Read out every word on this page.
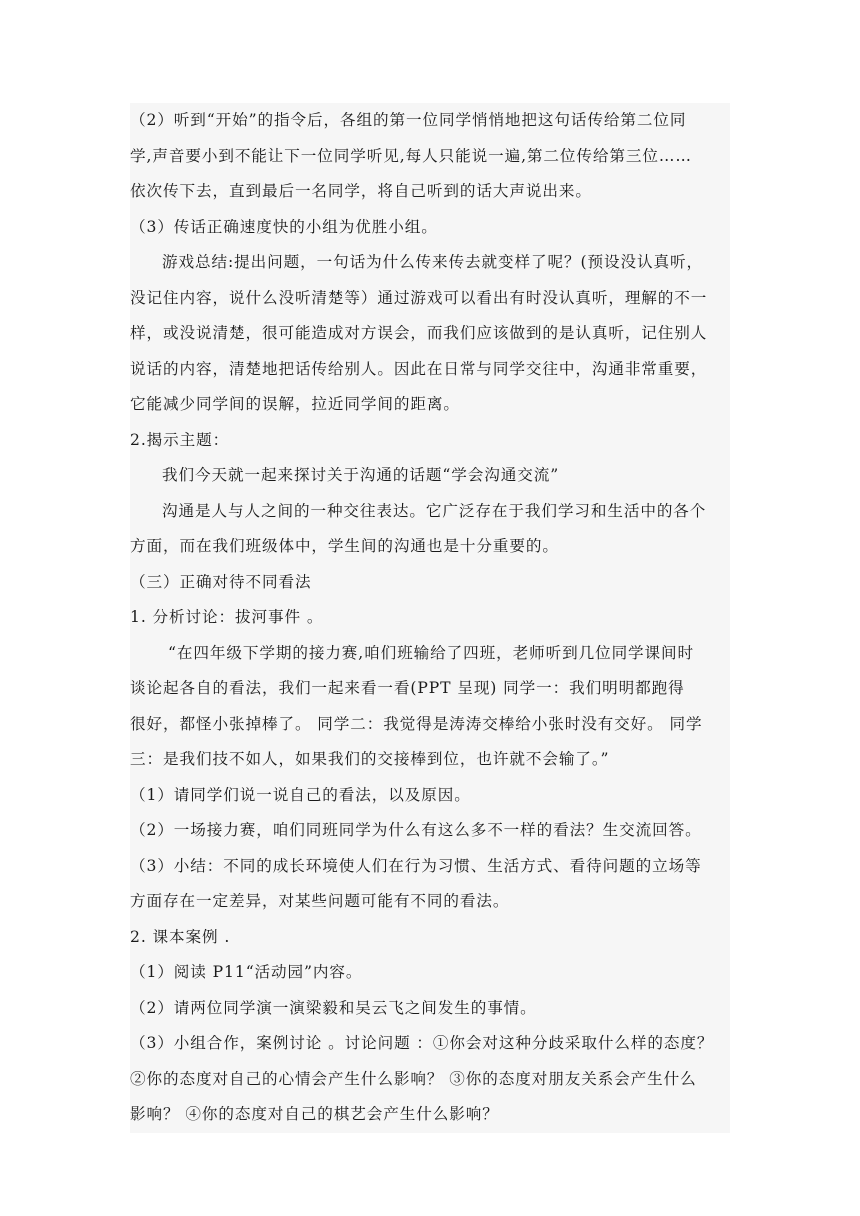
（2）听到“开始”的指令后，各组的第一位同学悄悄地把这句话传给第二位同
学,声音要小到不能让下一位同学听见,每人只能说一遍,第二位传给第三位……
依次传下去，直到最后一名同学，将自己听到的话大声说出来。
（3）传话正确速度快的小组为优胜小组。
游戏总结:提出问题，一句话为什么传来传去就变样了呢？(预设没认真听，
没记住内容，说什么没听清楚等）通过游戏可以看出有时没认真听，理解的不一
样，或没说清楚，很可能造成对方误会，而我们应该做到的是认真听，记住别人
说话的内容，清楚地把话传给别人。因此在日常与同学交往中，沟通非常重要，
它能减少同学间的误解，拉近同学间的距离。
2.揭示主题：
我们今天就一起来探讨关于沟通的话题“学会沟通交流”
沟通是人与人之间的一种交往表达。它广泛存在于我们学习和生活中的各个
方面，而在我们班级体中，学生间的沟通也是十分重要的。
（三）正确对待不同看法
1. 分析讨论：拔河事件 。
“在四年级下学期的接力赛,咱们班输给了四班，老师听到几位同学课间时
谈论起各自的看法，我们一起来看一看(PPT 呈现) 同学一：我们明明都跑得
很好，都怪小张掉棒了。 同学二：我觉得是涛涛交棒给小张时没有交好。 同学
三：是我们技不如人，如果我们的交接棒到位，也许就不会输了。”
（1）请同学们说一说自己的看法，以及原因。
（2）一场接力赛，咱们同班同学为什么有这么多不一样的看法？生交流回答。
（3）小结：不同的成长环境使人们在行为习惯、生活方式、看待问题的立场等
方面存在一定差异，对某些问题可能有不同的看法。
2. 课本案例 .
（1）阅读 P11“活动园”内容。
（2）请两位同学演一演梁毅和吴云飞之间发生的事情。
（3）小组合作，案例讨论 。讨论问题 ：①你会对这种分歧采取什么样的态度？
②你的态度对自己的心情会产生什么影响？ ③你的态度对朋友关系会产生什么
影响？ ④你的态度对自己的棋艺会产生什么影响？
